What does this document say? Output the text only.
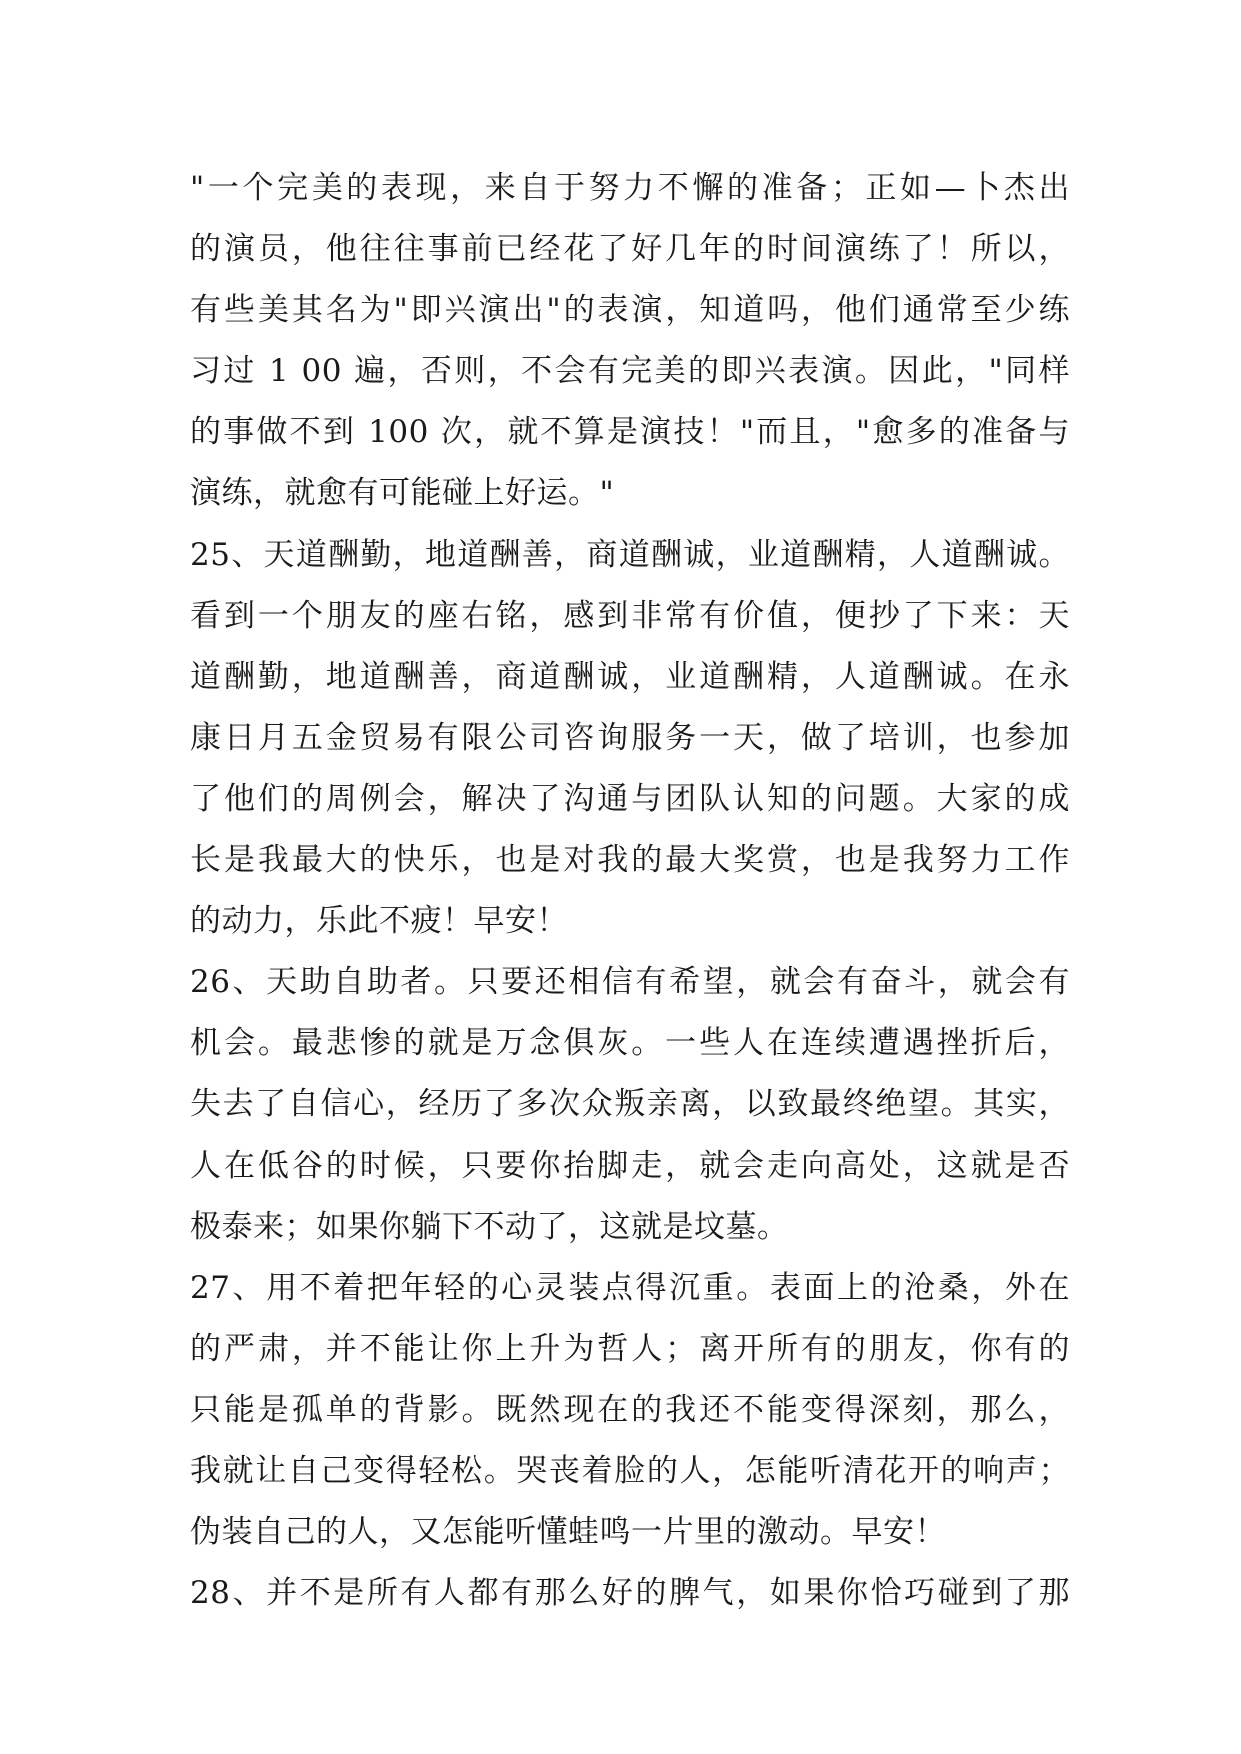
"一个完美的表现，来自于努力不懈的准备；正如—卜杰出
的演员，他往往事前已经花了好几年的时间演练了！所以，
有些美其名为"即兴演出"的表演，知道吗，他们通常至少练
习过 1 00 遍，否则，不会有完美的即兴表演。因此，"同样
的事做不到 100 次，就不算是演技！"而且，"愈多的准备与
演练，就愈有可能碰上好运。"
25、天道酬勤，地道酬善，商道酬诚，业道酬精，人道酬诚。
看到一个朋友的座右铭，感到非常有价值，便抄了下来：天
道酬勤，地道酬善，商道酬诚，业道酬精，人道酬诚。在永
康日月五金贸易有限公司咨询服务一天，做了培训，也参加
了他们的周例会，解决了沟通与团队认知的问题。大家的成
长是我最大的快乐，也是对我的最大奖赏，也是我努力工作
的动力，乐此不疲！早安！
26、天助自助者。只要还相信有希望，就会有奋斗，就会有
机会。最悲惨的就是万念俱灰。一些人在连续遭遇挫折后，
失去了自信心，经历了多次众叛亲离，以致最终绝望。其实，
人在低谷的时候，只要你抬脚走，就会走向高处，这就是否
极泰来；如果你躺下不动了，这就是坟墓。
27、用不着把年轻的心灵装点得沉重。表面上的沧桑，外在
的严肃，并不能让你上升为哲人；离开所有的朋友，你有的
只能是孤单的背影。既然现在的我还不能变得深刻，那么，
我就让自己变得轻松。哭丧着脸的人，怎能听清花开的响声；
伪装自己的人，又怎能听懂蛙鸣一片里的激动。早安！
28、并不是所有人都有那么好的脾气，如果你恰巧碰到了那
